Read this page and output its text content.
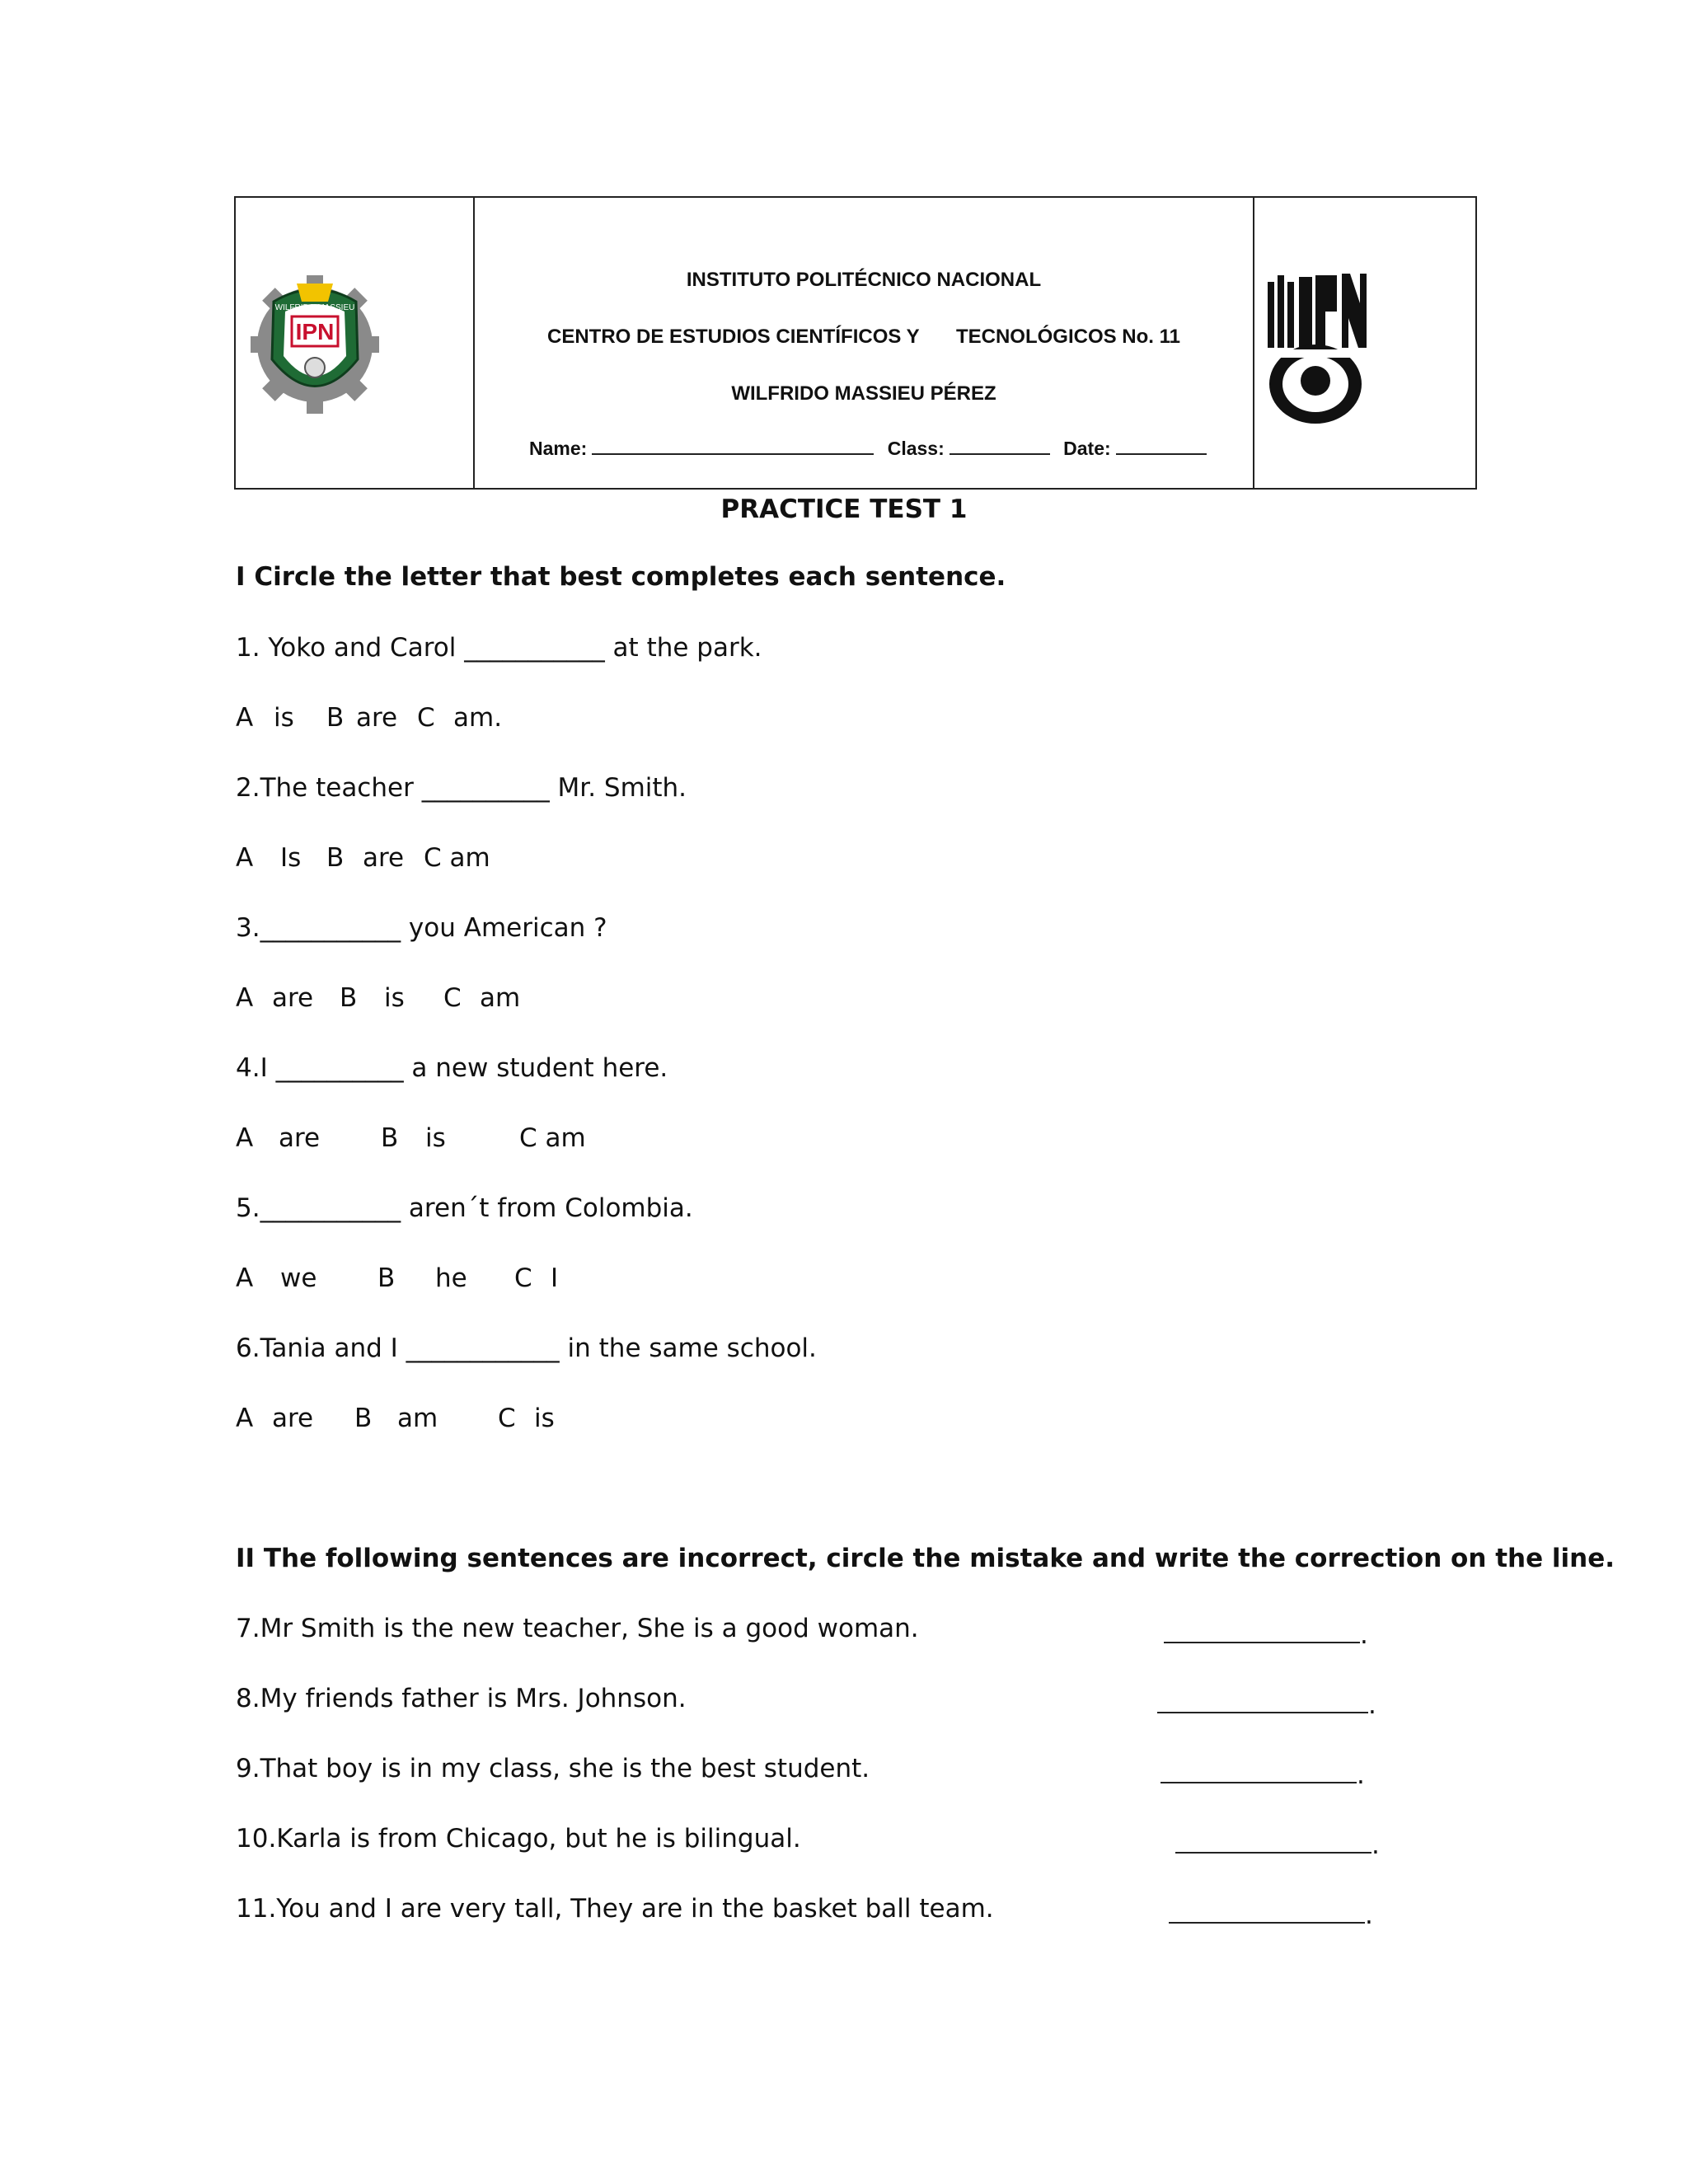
IPN
WILFRIDO MASSIEU
INSTITUTO POLITÉCNICO NACIONAL
CENTRO DE ESTUDIOS CIENTÍFICOS Y TECNOLÓGICOS No. 11
WILFRIDO MASSIEU PÉREZ
Name:	Class:	Date:
PRACTICE TEST 1
I Circle the letter that best completes each sentence.
1. Yoko and Carol ___________ at the park.
A is B are C am.
2.The teacher __________ Mr. Smith.
A Is B are C am
3.___________ you American ?
A are B is C am
4.I __________ a new student here.
A are B is	C am
5.___________ aren´t from Colombia.
A we B he C I
6.Tania and I ____________ in the same school.
A are B am C is
II The following sentences are incorrect, circle the mistake and write the correction on the line.
7.Mr Smith is the new teacher, She is a good woman.	.
8.My friends father is Mrs. Johnson.	.
9.That boy is in my class, she is the best student.	.
10.Karla is from Chicago, but he is bilingual.	.
11.You and I are very tall, They are in the basket ball team.	.
